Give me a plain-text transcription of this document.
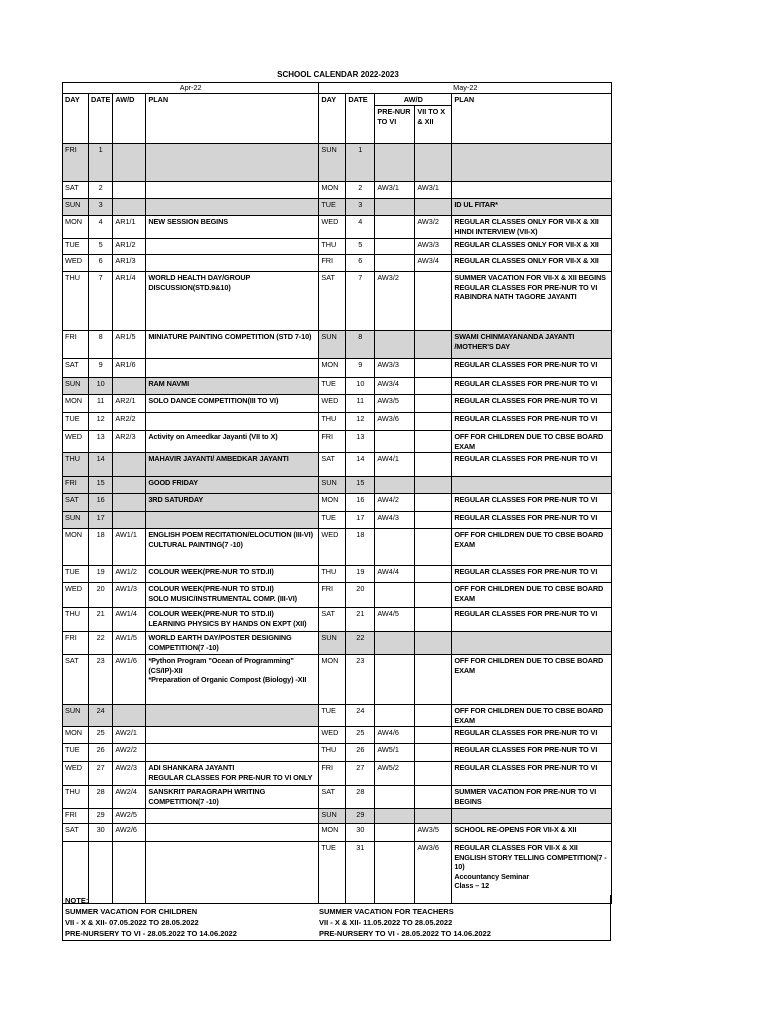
SCHOOL CALENDAR 2022-2023
Apr-22				May-22				
DAY	DATE	AW/D	PLAN	DAY	DATE	AW/D		PLAN
						PRE-NUR TO VI	VII TO X & XII	
FRI	1			SUN	1			
SAT	2			MON	2	AW3/1	AW3/1	
SUN	3			TUE	3			ID UL FITAR*
MON	4	AR1/1	NEW SESSION BEGINS	WED	4		AW3/2	REGULAR CLASSES ONLY FOR VII-X & XII
HINDI INTERVIEW (VII-X)
TUE	5	AR1/2		THU	5		AW3/3	REGULAR CLASSES ONLY FOR VII-X & XII
WED	6	AR1/3		FRI	6		AW3/4	REGULAR CLASSES ONLY FOR VII-X & XII
THU	7	AR1/4	WORLD HEALTH DAY/GROUP DISCUSSION(STD.9&10)	SAT	7	AW3/2		SUMMER VACATION FOR VII-X & XII BEGINS
REGULAR CLASSES FOR PRE-NUR TO VI
RABINDRA NATH TAGORE JAYANTI
FRI	8	AR1/5	MINIATURE PAINTING COMPETITION (STD 7-10)	SUN	8			SWAMI CHINMAYANANDA JAYANTI /MOTHER'S DAY
SAT	9	AR1/6		MON	9	AW3/3		REGULAR CLASSES FOR PRE-NUR TO VI
SUN	10		RAM NAVMI	TUE	10	AW3/4		REGULAR CLASSES FOR PRE-NUR TO VI
MON	11	AR2/1	SOLO DANCE COMPETITION(III TO VI)	WED	11	AW3/5		REGULAR CLASSES FOR PRE-NUR TO VI
TUE	12	AR2/2		THU	12	AW3/6		REGULAR CLASSES FOR PRE-NUR TO VI
WED	13	AR2/3	Activity on Ameedkar Jayanti (VII to X)	FRI	13			OFF FOR CHILDREN DUE TO CBSE BOARD EXAM
THU	14		MAHAVIR JAYANTI/ AMBEDKAR JAYANTI	SAT	14	AW4/1		REGULAR CLASSES FOR PRE-NUR TO VI
FRI	15		GOOD FRIDAY	SUN	15			
SAT	16		3RD SATURDAY	MON	16	AW4/2		REGULAR CLASSES FOR PRE-NUR TO VI
SUN	17			TUE	17	AW4/3		REGULAR CLASSES FOR PRE-NUR TO VI
MON	18	AW1/1	ENGLISH POEM RECITATION/ELOCUTION (III-VI)
CULTURAL PAINTING(7 -10)	WED	18			OFF FOR CHILDREN DUE TO CBSE BOARD EXAM
TUE	19	AW1/2	COLOUR WEEK(PRE-NUR TO STD.II)	THU	19	AW4/4		REGULAR CLASSES FOR PRE-NUR TO VI
WED	20	AW1/3	COLOUR WEEK(PRE-NUR TO STD.II)
SOLO MUSIC/INSTRUMENTAL COMP. (III-VI)	FRI	20			OFF FOR CHILDREN DUE TO CBSE BOARD EXAM
THU	21	AW1/4	COLOUR WEEK(PRE-NUR TO STD.II)
LEARNING PHYSICS BY HANDS ON EXPT (XII)	SAT	21	AW4/5		REGULAR CLASSES FOR PRE-NUR TO VI
FRI	22	AW1/5	WORLD EARTH DAY/POSTER DESIGNING COMPETITION(7 -10)	SUN	22			
SAT	23	AW1/6	*Python Program "Ocean of Programming" (CS/IP)-XII
*Preparation of Organic Compost (Biology) -XII	MON	23			OFF FOR CHILDREN DUE TO CBSE BOARD EXAM
SUN	24			TUE	24			OFF FOR CHILDREN DUE TO CBSE BOARD EXAM
MON	25	AW2/1		WED	25	AW4/6		REGULAR CLASSES FOR PRE-NUR TO VI
TUE	26	AW2/2		THU	26	AW5/1		REGULAR CLASSES FOR PRE-NUR TO VI
WED	27	AW2/3	ADI SHANKARA JAYANTI
REGULAR CLASSES FOR PRE-NUR TO VI ONLY	FRI	27	AW5/2		REGULAR CLASSES FOR PRE-NUR TO VI
THU	28	AW2/4	SANSKRIT PARAGRAPH WRITING COMPETITION(7 -10)	SAT	28			SUMMER VACATION FOR PRE-NUR TO VI BEGINS
FRI	29	AW2/5		SUN	29			
SAT	30	AW2/6		MON	30		AW3/5	SCHOOL RE-OPENS FOR VII-X & XII
				TUE	31		AW3/6	REGULAR CLASSES FOR VII-X & XII
ENGLISH STORY TELLING COMPETITION(7 - 10)
Accountancy Seminar
Class – 12
NOTE:
SUMMER VACATION FOR CHILDREN
VII - X & XII- 07.05.2022 TO 28.05.2022
PRE-NURSERY TO VI - 28.05.2022 TO 14.06.2022
SUMMER VACATION FOR TEACHERS
VII - X & XII- 11.05.2022 TO 28.05.2022
PRE-NURSERY TO VI - 28.05.2022 TO 14.06.2022
